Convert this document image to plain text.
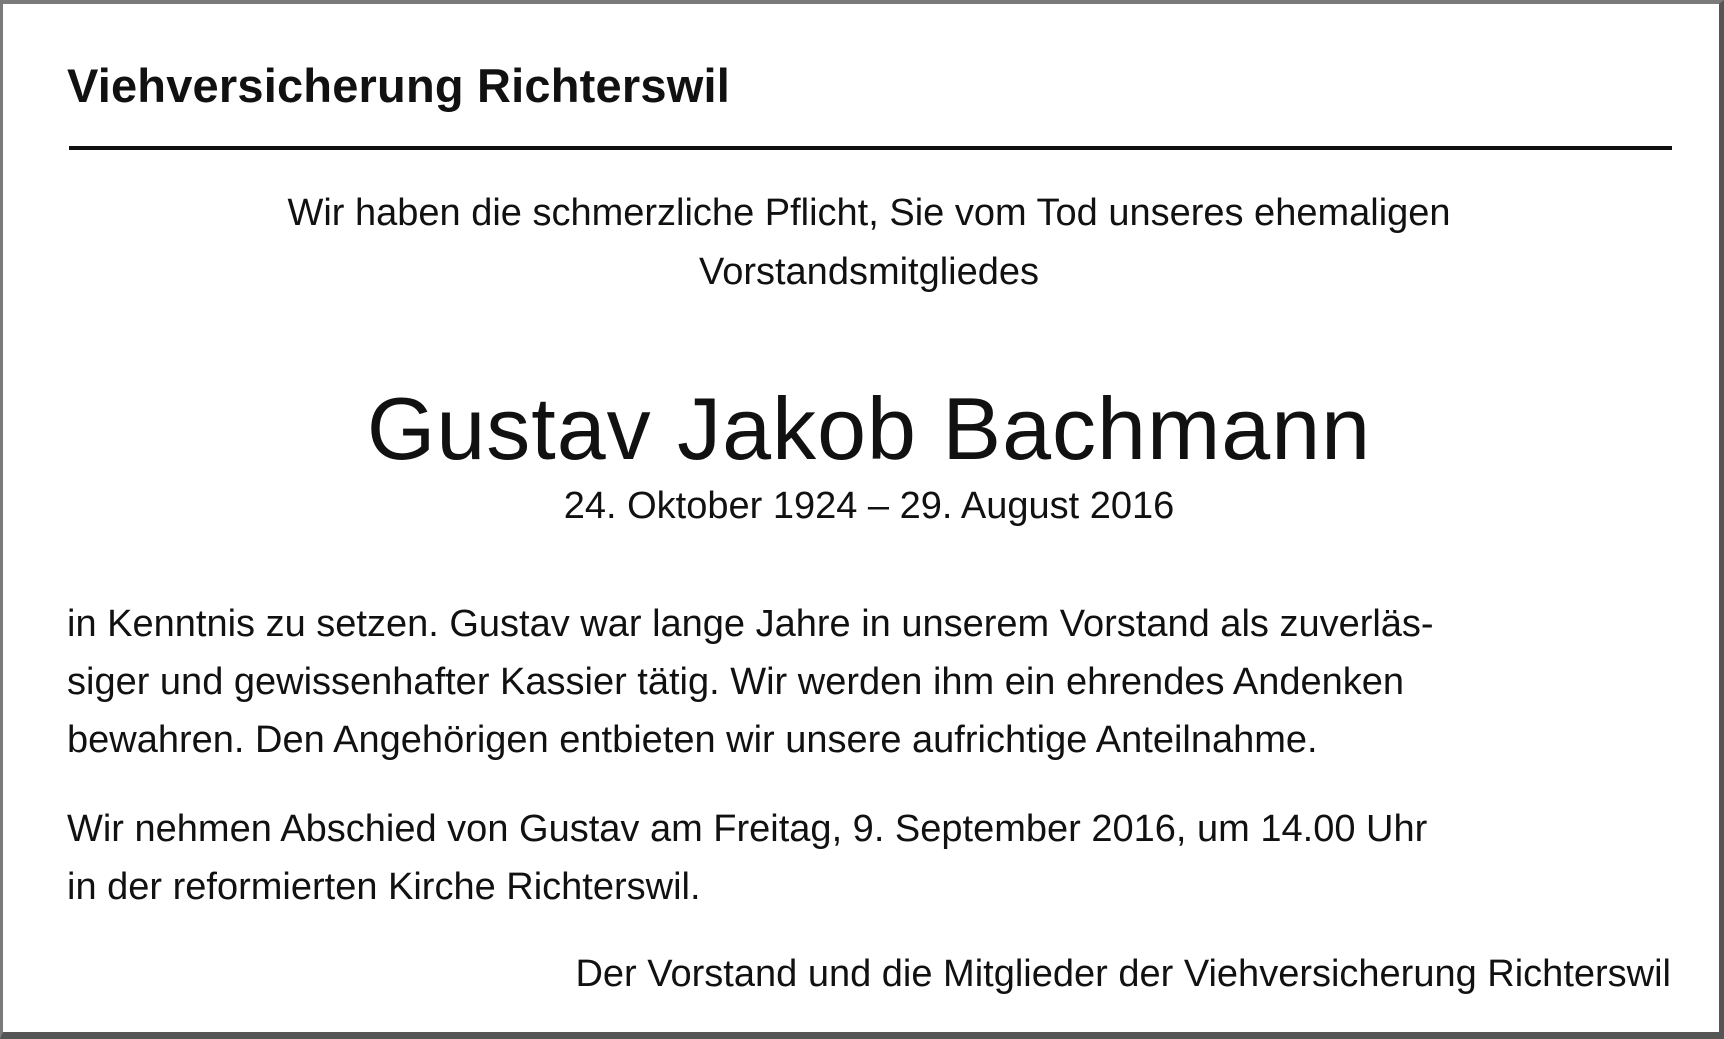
Viehversicherung Richterswil
Wir haben die schmerzliche Pflicht, Sie vom Tod unseres ehemaligen
Vorstandsmitgliedes
Gustav Jakob Bachmann
24. Oktober 1924 – 29. August 2016
in Kenntnis zu setzen. Gustav war lange Jahre in unserem Vorstand als zuverläs-
siger und gewissenhafter Kassier tätig. Wir werden ihm ein ehrendes Andenken
bewahren. Den Angehörigen entbieten wir unsere aufrichtige Anteilnahme.
Wir nehmen Abschied von Gustav am Freitag, 9. September 2016, um 14.00 Uhr
in der reformierten Kirche Richterswil.
Der Vorstand und die Mitglieder der Viehversicherung Richterswil
